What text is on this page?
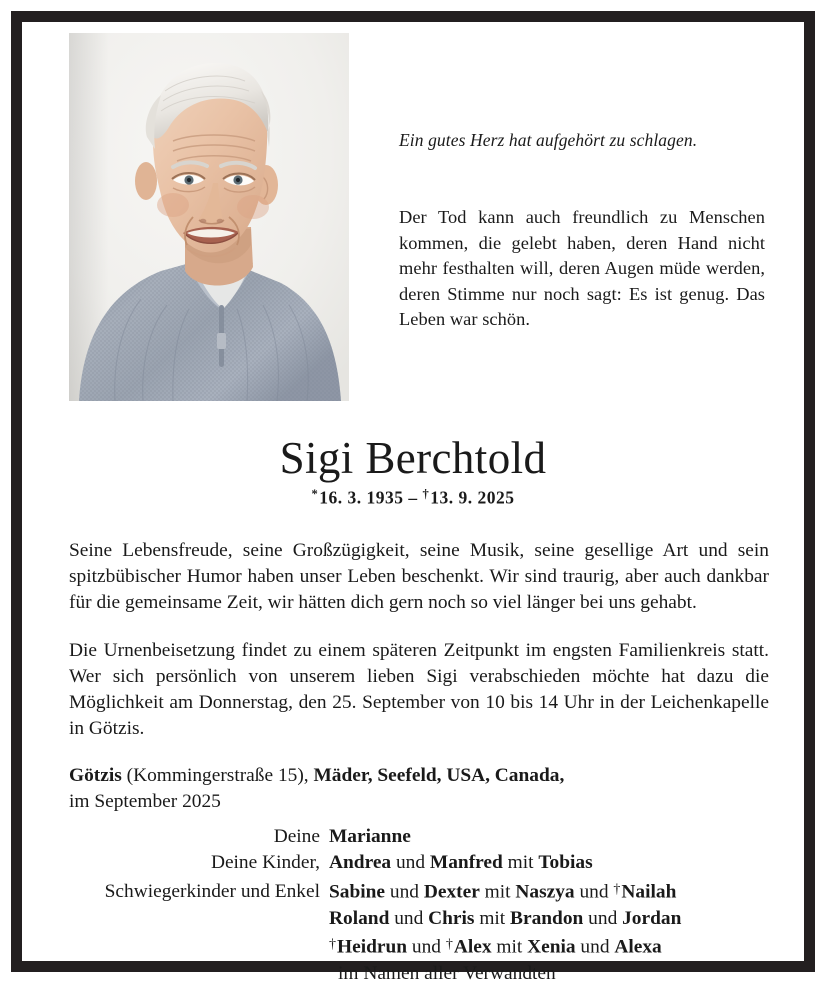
Ein gutes Herz hat aufgehört zu schlagen.
Der Tod kann auch freundlich zu Menschen kommen, die gelebt haben, deren Hand nicht mehr festhalten will, deren Augen müde werden, deren Stimme nur noch sagt: Es ist genug. Das Leben war schön.
Sigi Berchtold
*16. 3. 1935 – †13. 9. 2025

Seine Lebensfreude, seine Großzügigkeit, seine Musik, seine gesellige Art und sein spitzbübischer Humor haben unser Leben beschenkt. Wir sind traurig, aber auch dankbar für die gemeinsame Zeit, wir hätten dich gern noch so viel länger bei uns gehabt.

Die Urnenbeisetzung findet zu einem späteren Zeitpunkt im engsten Familienkreis statt. Wer sich persönlich von unserem lieben Sigi verabschieden möchte hat dazu die Möglichkeit am Donnerstag, den 25. September von 10 bis 14 Uhr in der Leichenkapelle in Götzis.

Götzis (Kommingerstraße 15), Mäder, Seefeld, USA, Canada,

im September 2025

Deine Marianne
Deine Kinder, Andrea und Manfred mit Tobias
Schwiegerkinder und Enkel Sabine und Dexter mit Naszya und †Nailah
Roland und Chris mit Brandon und Jordan
†Heidrun und †Alex mit Xenia und Alexa
im Namen aller Verwandten
